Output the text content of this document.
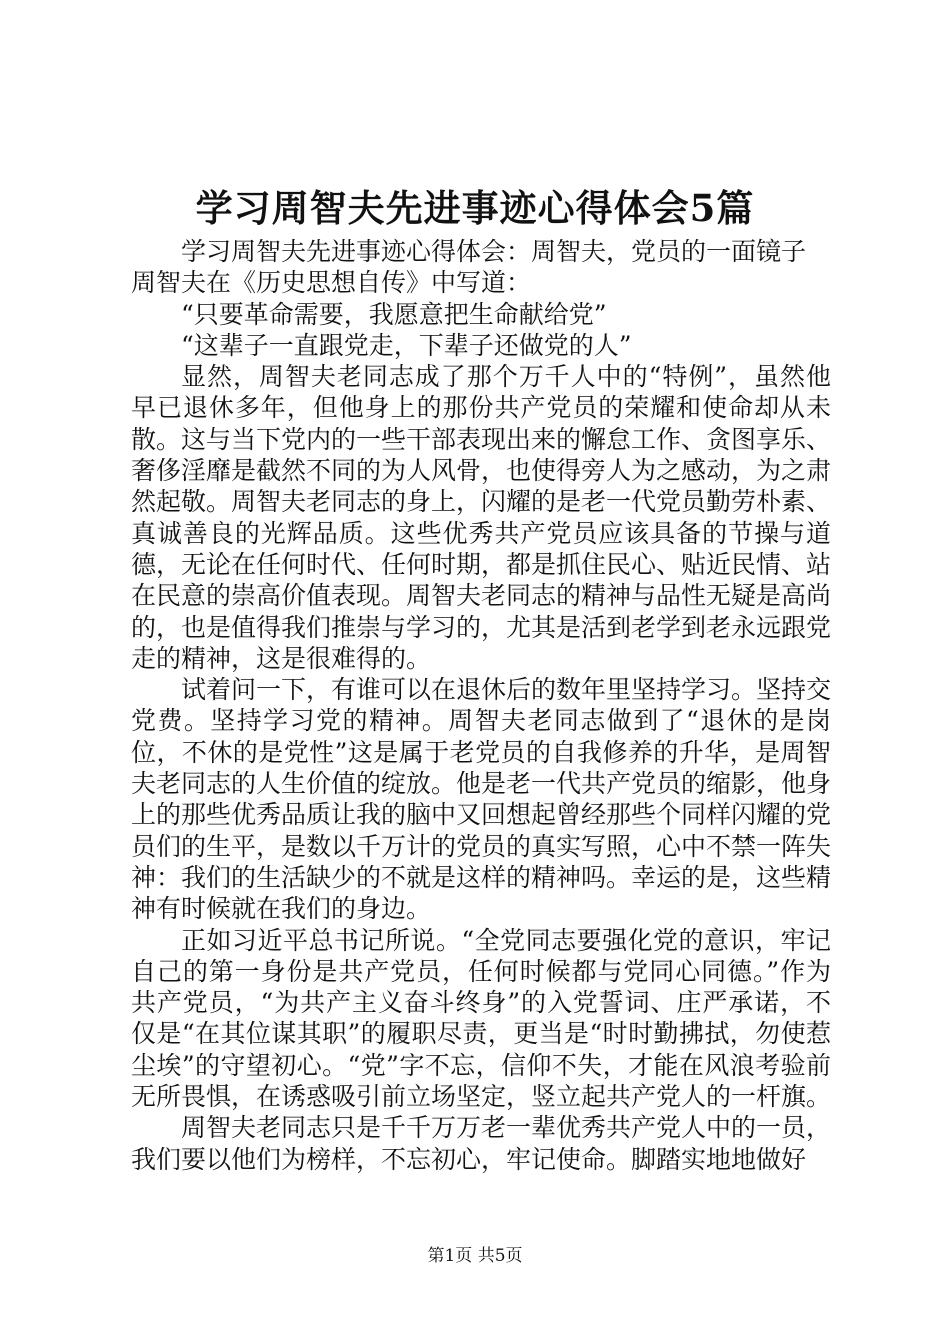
学习周智夫先进事迹心得体会5篇

学习周智夫先进事迹心得体会：周智夫，党员的一面镜子

周智夫在《历史思想自传》中写道：

“只要革命需要，我愿意把生命献给党”

“这辈子一直跟党走，下辈子还做党的人”

显然，周智夫老同志成了那个万千人中的“特例”，虽然他早已退休多年，但他身上的那份共产党员的荣耀和使命却从未散。这与当下党内的一些干部表现出来的懈怠工作、贪图享乐、奢侈淫靡是截然不同的为人风骨，也使得旁人为之感动，为之肃然起敬。周智夫老同志的身上，闪耀的是老一代党员勤劳朴素、真诚善良的光辉品质。这些优秀共产党员应该具备的节操与道德，无论在任何时代、任何时期，都是抓住民心、贴近民情、站在民意的崇高价值表现。周智夫老同志的精神与品性无疑是高尚的，也是值得我们推崇与学习的，尤其是活到老学到老永远跟党走的精神，这是很难得的。

试着问一下，有谁可以在退休后的数年里坚持学习。坚持交党费。坚持学习党的精神。周智夫老同志做到了“退休的是岗位，不休的是党性”这是属于老党员的自我修养的升华，是周智夫老同志的人生价值的绽放。他是老一代共产党员的缩影，他身上的那些优秀品质让我的脑中又回想起曾经那些个同样闪耀的党员们的生平，是数以千万计的党员的真实写照，心中不禁一阵失神：我们的生活缺少的不就是这样的精神吗。幸运的是，这些精神有时候就在我们的身边。

正如习近平总书记所说。“全党同志要强化党的意识，牢记自己的第一身份是共产党员，任何时候都与党同心同德。”作为共产党员，“为共产主义奋斗终身”的入党誓词、庄严承诺，不仅是“在其位谋其职”的履职尽责，更当是“时时勤拂拭，勿使惹尘埃”的守望初心。“党”字不忘，信仰不失，才能在风浪考验前无所畏惧，在诱惑吸引前立场坚定，竖立起共产党人的一杆旗。

周智夫老同志只是千千万万老一辈优秀共产党人中的一员，我们要以他们为榜样，不忘初心，牢记使命。脚踏实地地做好

第1页 共5页
